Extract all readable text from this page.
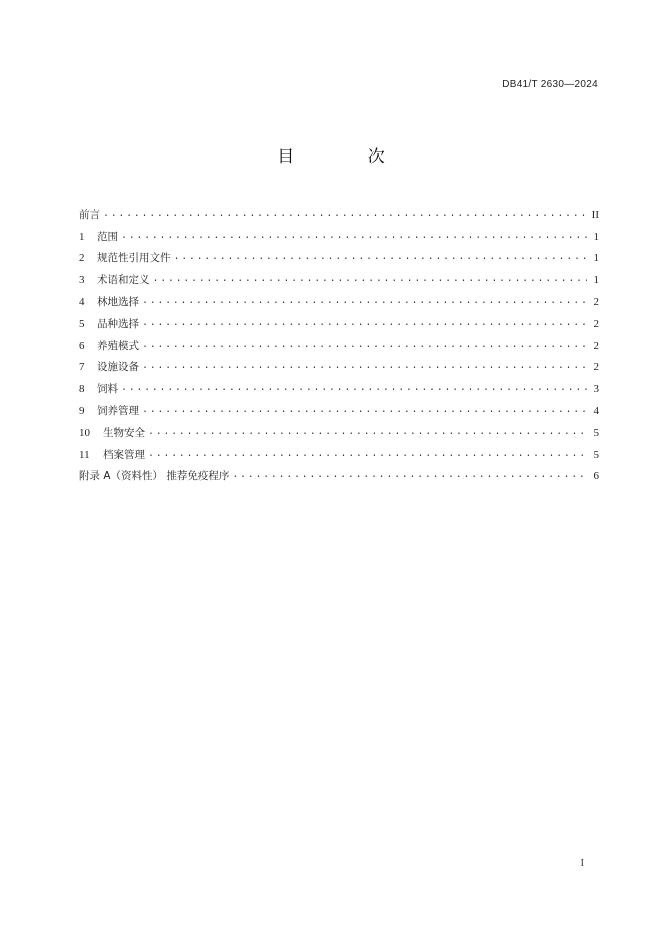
DB41/T 2630—2024
目 次
前言 .....	II
1 范围 .....	1
2 规范性引用文件 .....	1
3 术语和定义 .....	1
4 林地选择 .....	2
5 品种选择 .....	2
6 养殖模式 .....	2
7 设施设备 .....	2
8 饲料 .....	3
9 饲养管理 .....	4
10 生物安全 .....	5
11 档案管理 .....	5
附录 A（资料性） 推荐免疫程序 .....	6
I
